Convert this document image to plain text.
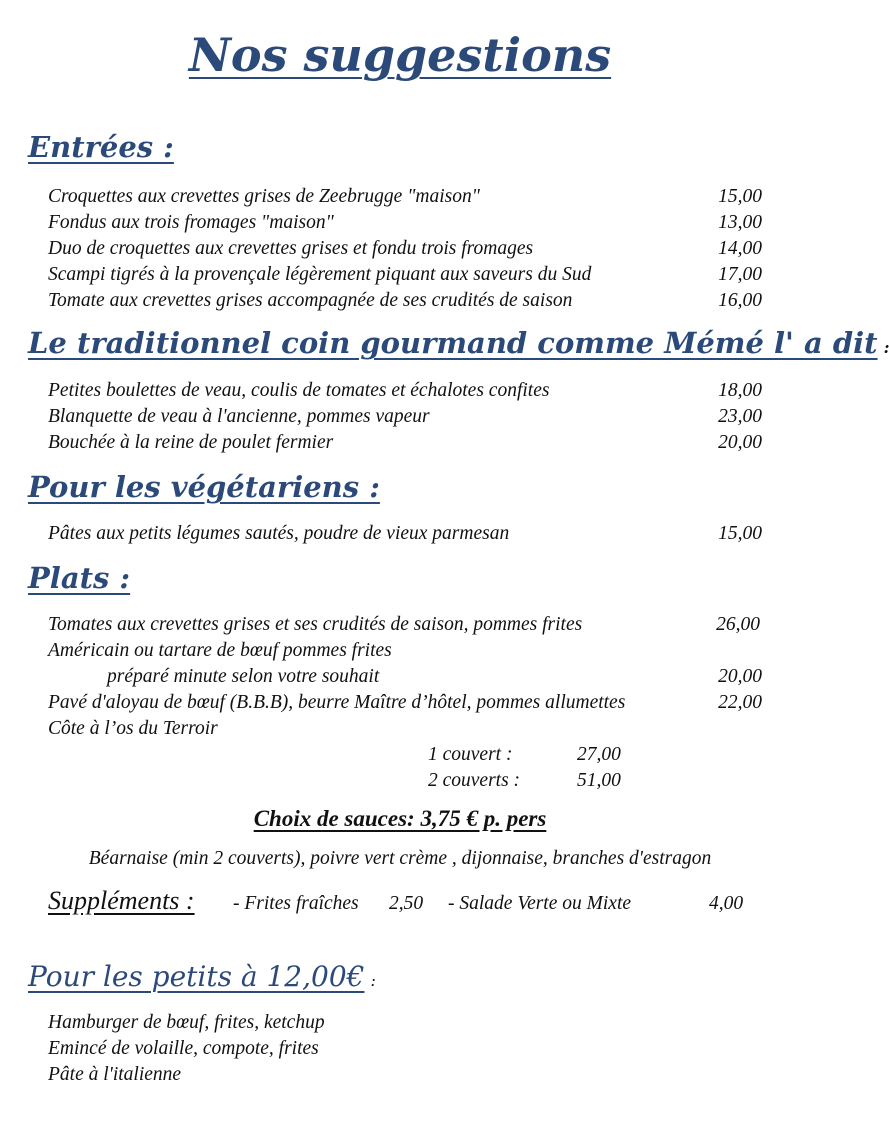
Nos suggestions
Entrées :
Croquettes aux crevettes grises de Zeebrugge "maison"	15,00
Fondus aux trois fromages "maison"	13,00
Duo de croquettes aux crevettes grises et fondu trois fromages	14,00
Scampi tigrés à la provençale légèrement piquant aux saveurs du Sud	17,00
Tomate aux crevettes grises accompagnée de ses crudités de saison	16,00
Le traditionnel coin gourmand comme Mémé l' a dit :
Petites boulettes de veau, coulis de tomates et échalotes confites	18,00
Blanquette de veau à l'ancienne, pommes vapeur	23,00
Bouchée à la reine de poulet fermier	20,00
Pour les végétariens :
Pâtes aux petits légumes sautés, poudre de vieux parmesan	15,00
Plats :
Tomates aux crevettes grises et ses crudités de saison, pommes frites	26,00
Américain ou tartare de bœuf pommes frites
préparé minute selon votre souhait	20,00
Pavé d'aloyau de bœuf (B.B.B), beurre Maître d’hôtel, pommes allumettes	22,00
Côte à l’os du Terroir
1 couvert :	27,00
2 couverts :	51,00
Choix de sauces: 3,75 € p. pers
Béarnaise (min 2 couverts), poivre vert crème , dijonnaise, branches d'estragon
Suppléments : - Frites fraîches 2,50 - Salade Verte ou Mixte	4,00
Pour les petits à 12,00€ :
Hamburger de bœuf, frites, ketchup
Emincé de volaille, compote, frites
Pâte à l'italienne
